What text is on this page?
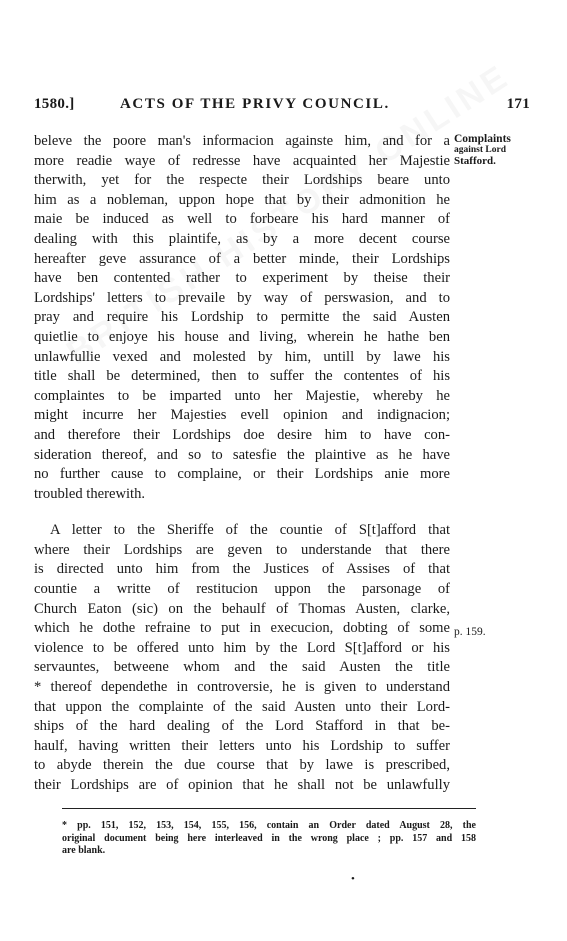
1580.]	ACTS OF THE PRIVY COUNCIL.	171
Complaints
against Lord
Stafford.
p. 159.
beleve the poore man's informacion againste him, and for a
more readie waye of redresse have acquainted her Majestie
therwith, yet for the respecte their Lordships beare unto
him as a nobleman, uppon hope that by their admonition he
maie be induced as well to forbeare his hard manner of
dealing with this plaintife, as by a more decent course
hereafter geve assurance of a better minde, their Lordships
have ben contented rather to experiment by theise their
Lordships' letters to prevaile by way of perswasion, and to
pray and require his Lordship to permitte the said Austen
quietlie to enjoye his house and living, wherein he hathe ben
unlawfullie vexed and molested by him, untill by lawe his
title shall be determined, then to suffer the contentes of his
complaintes to be imparted unto her Majestie, whereby he
might incurre her Majesties evell opinion and indignacion;
and therefore their Lordships doe desire him to have con-
sideration thereof, and so to satesfie the plaintive as he have
no further cause to complaine, or their Lordships anie more
troubled therewith.
A letter to the Sheriffe of the countie of S[t]afford that
where their Lordships are geven to understande that there
is directed unto him from the Justices of Assises of that
countie a writte of restitucion uppon the parsonage of
Church Eaton (sic) on the behaulf of Thomas Austen, clarke,
which he dothe refraine to put in execucion, dobting of some
violence to be offered unto him by the Lord S[t]afford or his
servauntes, betweene whom and the said Austen the title
* thereof dependethe in controversie, he is given to understand
that uppon the complainte of the said Austen unto their Lord-
ships of the hard dealing of the Lord Stafford in that be-
haulf, having written their letters unto his Lordship to suffer
to abyde therein the due course that by lawe is prescribed,
their Lordships are of opinion that he shall not be unlawfully
* pp. 151, 152, 153, 154, 155, 156, contain an Order dated August 28, the
original document being here interleaved in the wrong place ; pp. 157 and 158
are blank.
•
